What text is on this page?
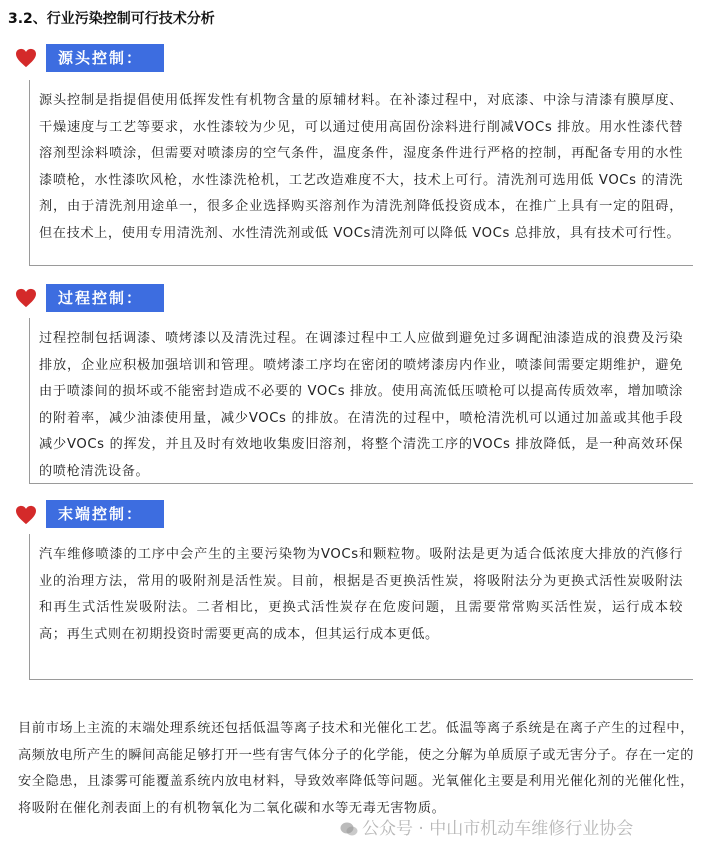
3.2、行业污染控制可行技术分析
源头控制：

源头控制是指提倡使用低挥发性有机物含量的原辅材料。在补漆过程中，对底漆、中涂与清漆有膜厚度、干燥速度与工艺等要求，水性漆较为少见，可以通过使用高固份涂料进行削减VOCs 排放。用水性漆代替溶剂型涂料喷涂，但需要对喷漆房的空气条件，温度条件，湿度条件进行严格的控制，再配备专用的水性漆喷枪，水性漆吹风枪，水性漆洗枪机，工艺改造难度不大，技术上可行。清洗剂可选用低 VOCs 的清洗剂，由于清洗剂用途单一，很多企业选择购买溶剂作为清洗剂降低投资成本，在推广上具有一定的阻碍，但在技术上，使用专用清洗剂、水性清洗剂或低 VOCs清洗剂可以降低 VOCs 总排放，具有技术可行性。

过程控制：

过程控制包括调漆、喷烤漆以及清洗过程。在调漆过程中工人应做到避免过多调配油漆造成的浪费及污染排放，企业应积极加强培训和管理。喷烤漆工序均在密闭的喷烤漆房内作业，喷漆间需要定期维护，避免由于喷漆间的损坏或不能密封造成不必要的 VOCs 排放。使用高流低压喷枪可以提高传质效率，增加喷涂的附着率，减少油漆使用量，减少VOCs 的排放。在清洗的过程中，喷枪清洗机可以通过加盖或其他手段减少VOCs 的挥发，并且及时有效地收集废旧溶剂，将整个清洗工序的VOCs 排放降低，是一种高效环保的喷枪清洗设备。

末端控制：

汽车维修喷漆的工序中会产生的主要污染物为VOCs和颗粒物。吸附法是更为适合低浓度大排放的汽修行业的治理方法，常用的吸附剂是活性炭。目前，根据是否更换活性炭，将吸附法分为更换式活性炭吸附法和再生式活性炭吸附法。二者相比，更换式活性炭存在危废问题，且需要常常购买活性炭，运行成本较高；再生式则在初期投资时需要更高的成本，但其运行成本更低。

目前市场上主流的末端处理系统还包括低温等离子技术和光催化工艺。低温等离子系统是在离子产生的过程中，高频放电所产生的瞬间高能足够打开一些有害气体分子的化学能，使之分解为单质原子或无害分子。存在一定的安全隐患，且漆雾可能覆盖系统内放电材料，导致效率降低等问题。光氧催化主要是利用光催化剂的光催化性，将吸附在催化剂表面上的有机物氧化为二氧化碳和水等无毒无害物质。

公众号 · 中山市机动车维修行业协会
